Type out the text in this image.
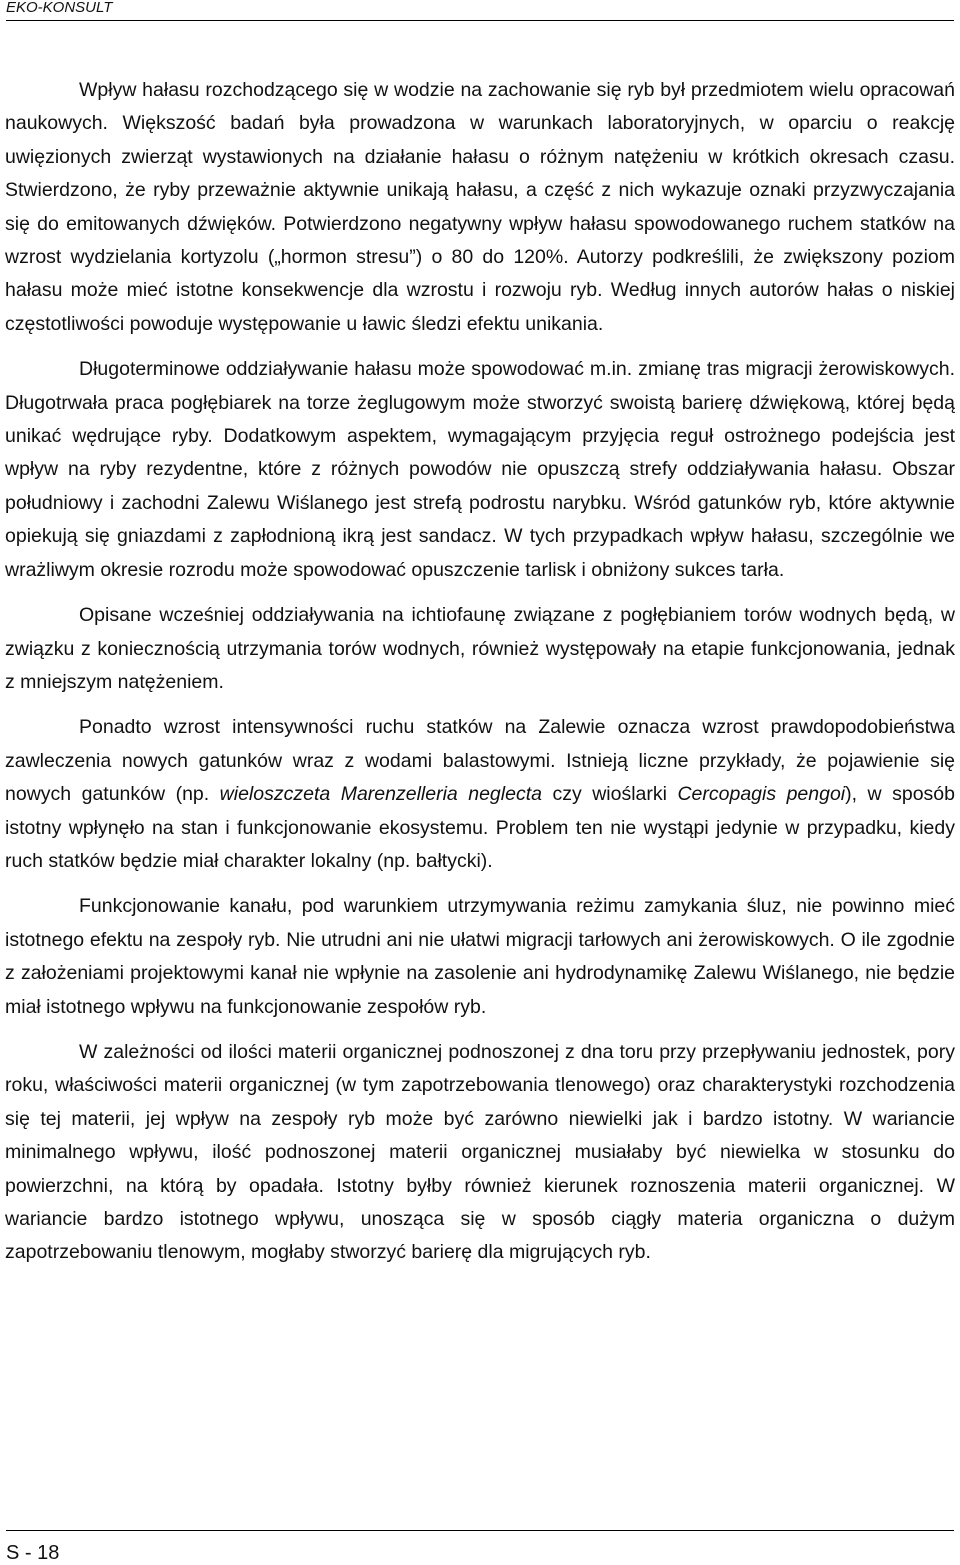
EKO-KONSULT

Wpływ hałasu rozchodzącego się w wodzie na zachowanie się ryb był przedmiotem wielu opracowań naukowych. Większość badań była prowadzona w warunkach laboratoryjnych, w oparciu o reakcję uwięzionych zwierząt wystawionych na działanie hałasu o różnym natężeniu w krótkich okresach czasu. Stwierdzono, że ryby przeważnie aktywnie unikają hałasu, a część z nich wykazuje oznaki przyzwyczajania się do emitowanych dźwięków. Potwierdzono negatywny wpływ hałasu spowodowanego ruchem statków na wzrost wydzielania kortyzolu („hormon stresu”) o 80 do 120%. Autorzy podkreślili, że zwiększony poziom hałasu może mieć istotne konsekwencje dla wzrostu i rozwoju ryb. Według innych autorów hałas o niskiej częstotliwości powoduje występowanie u ławic śledzi efektu unikania.

Długoterminowe oddziaływanie hałasu może spowodować m.in. zmianę tras migracji żerowiskowych. Długotrwała praca pogłębiarek na torze żeglugowym może stworzyć swoistą barierę dźwiękową, której będą unikać wędrujące ryby. Dodatkowym aspektem, wymagającym przyjęcia reguł ostrożnego podejścia jest wpływ na ryby rezydentne, które z różnych powodów nie opuszczą strefy oddziaływania hałasu. Obszar południowy i zachodni Zalewu Wiślanego jest strefą podrostu narybku. Wśród gatunków ryb, które aktywnie opiekują się gniazdami z zapłodnioną ikrą jest sandacz. W tych przypadkach wpływ hałasu, szczególnie we wrażliwym okresie rozrodu może spowodować opuszczenie tarlisk i obniżony sukces tarła.

Opisane wcześniej oddziaływania na ichtiofaunę związane z pogłębianiem torów wodnych będą, w związku z koniecznością utrzymania torów wodnych, również występowały na etapie funkcjonowania, jednak z mniejszym natężeniem.

Ponadto wzrost intensywności ruchu statków na Zalewie oznacza wzrost prawdopodobieństwa zawleczenia nowych gatunków wraz z wodami balastowymi. Istnieją liczne przykłady, że pojawienie się nowych gatunków (np. wieloszczeta Marenzelleria neglecta czy wioślarki Cercopagis pengoi), w sposób istotny wpłynęło na stan i funkcjonowanie ekosystemu. Problem ten nie wystąpi jedynie w przypadku, kiedy ruch statków będzie miał charakter lokalny (np. bałtycki).

Funkcjonowanie kanału, pod warunkiem utrzymywania reżimu zamykania śluz, nie powinno mieć istotnego efektu na zespoły ryb. Nie utrudni ani nie ułatwi migracji tarłowych ani żerowiskowych. O ile zgodnie z założeniami projektowymi kanał nie wpłynie na zasolenie ani hydrodynamikę Zalewu Wiślanego, nie będzie miał istotnego wpływu na funkcjonowanie zespołów ryb.

W zależności od ilości materii organicznej podnoszonej z dna toru przy przepływaniu jednostek, pory roku, właściwości materii organicznej (w tym zapotrzebowania tlenowego) oraz charakterystyki rozchodzenia się tej materii, jej wpływ na zespoły ryb może być zarówno niewielki jak i bardzo istotny. W wariancie minimalnego wpływu, ilość podnoszonej materii organicznej musiałaby być niewielka w stosunku do powierzchni, na którą by opadała. Istotny byłby również kierunek roznoszenia materii organicznej. W wariancie bardzo istotnego wpływu, unosząca się w sposób ciągły materia organiczna o dużym zapotrzebowaniu tlenowym, mogłaby stworzyć barierę dla migrujących ryb.

S - 18
